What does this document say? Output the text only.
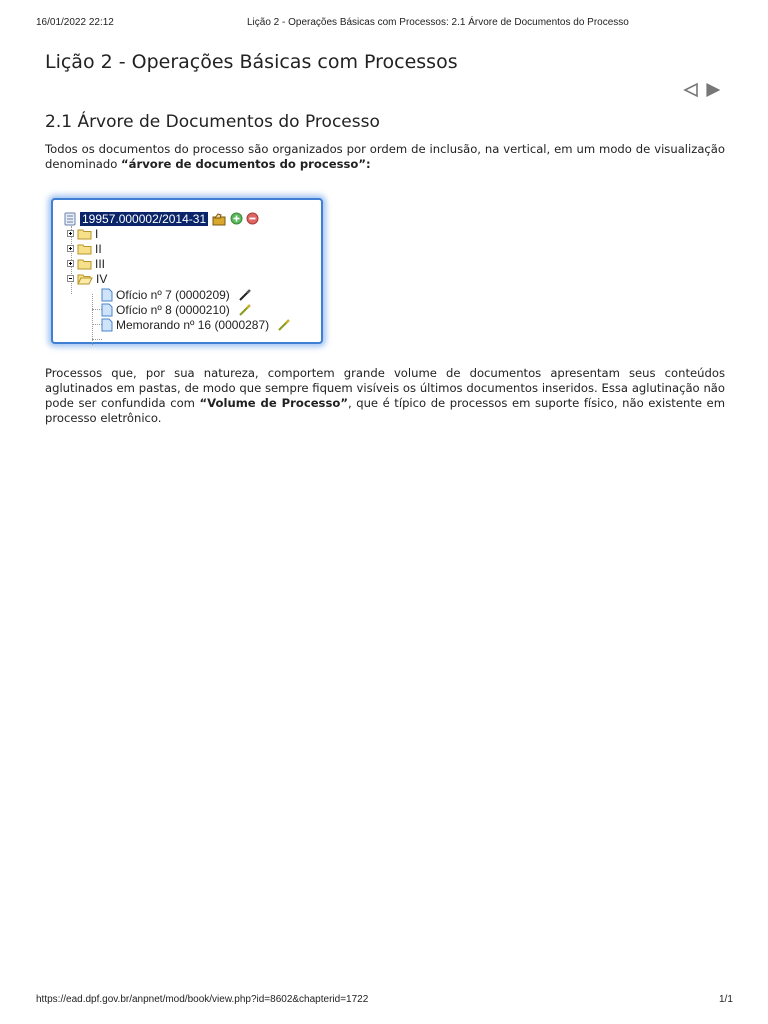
16/01/2022 22:12	Lição 2 - Operações Básicas com Processos: 2.1 Árvore de Documentos do Processo
Lição 2 - Operações Básicas com Processos
2.1 Árvore de Documentos do Processo

Todos os documentos do processo são organizados por ordem de inclusão, na vertical, em um modo de visualização denominado “árvore de documentos do processo”:

19957.000002/2014-31
I
II
III
IV
Ofício nº 7 (0000209)
Ofício nº 8 (0000210)
Memorando nº 16 (0000287)

Processos que, por sua natureza, comportem grande volume de documentos apresentam seus conteúdos aglutinados em pastas, de modo que sempre fiquem visíveis os últimos documentos inseridos. Essa aglutinação não pode ser confundida com “Volume de Processo”, que é típico de processos em suporte físico, não existente em processo eletrônico.

https://ead.dpf.gov.br/anpnet/mod/book/view.php?id=8602&chapterid=1722	1/1
